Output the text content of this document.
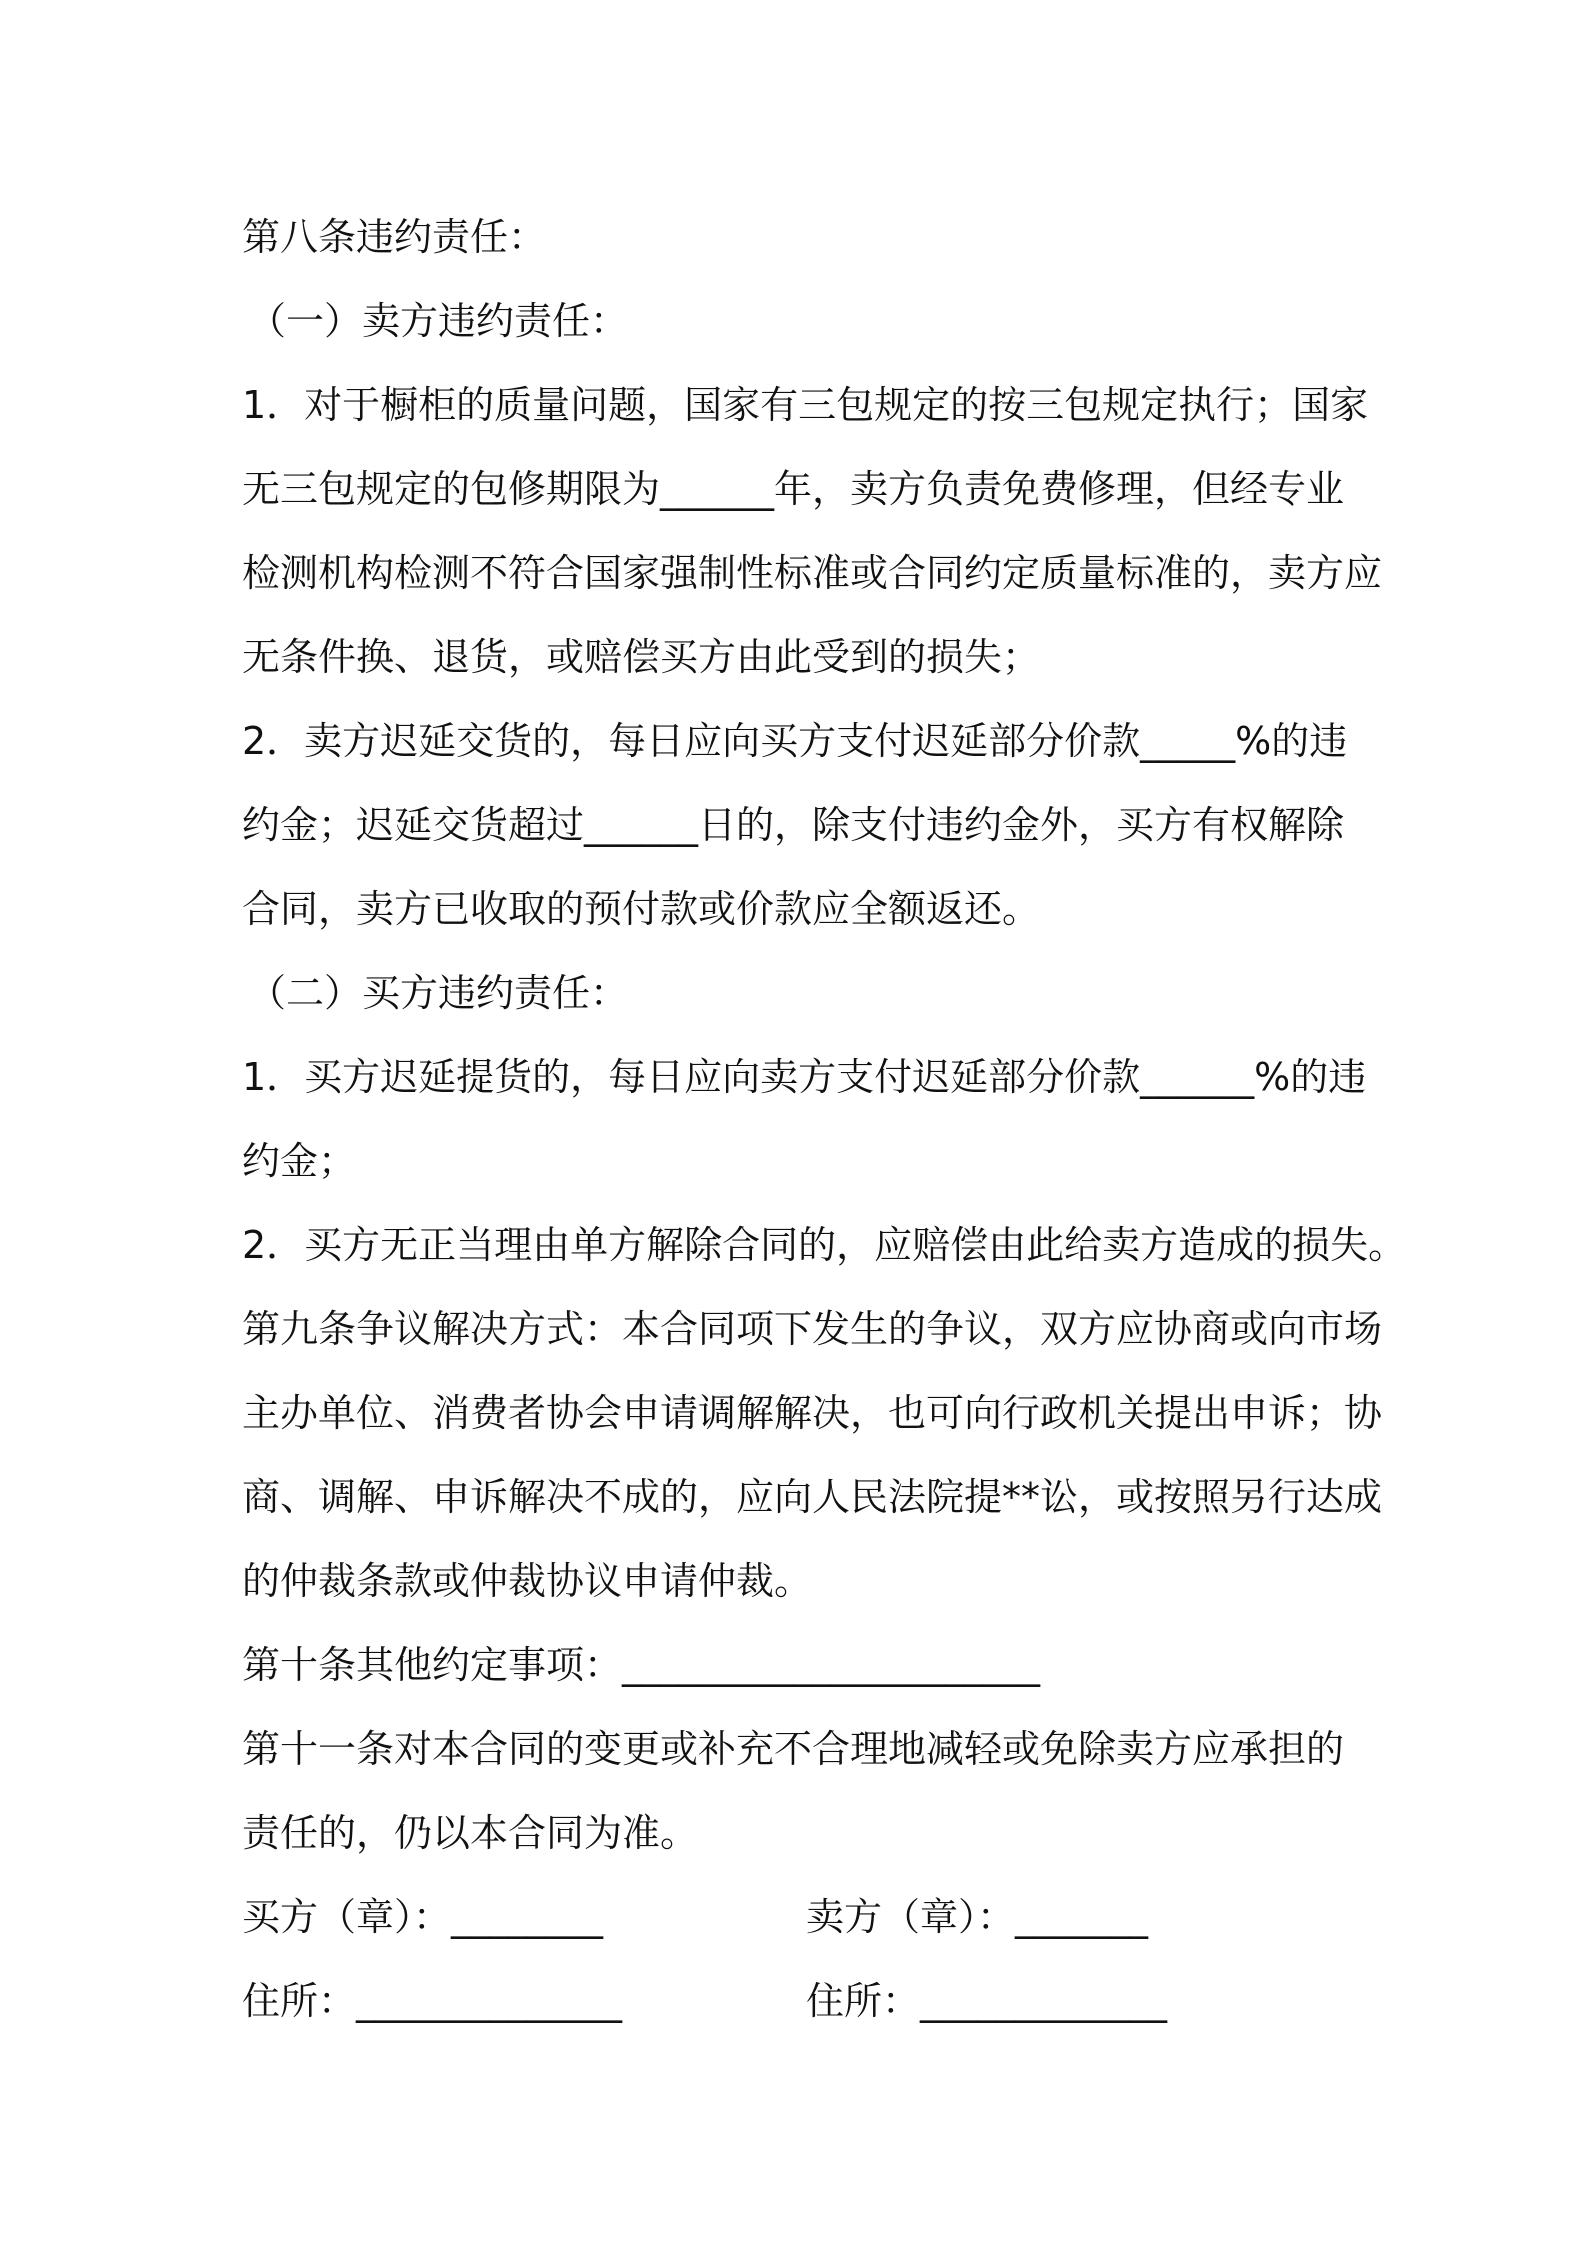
第八条违约责任：
（一）卖方违约责任：
1．对于橱柜的质量问题，国家有三包规定的按三包规定执行；国家
无三包规定的包修期限为______年，卖方负责免费修理，但经专业
检测机构检测不符合国家强制性标准或合同约定质量标准的，卖方应
无条件换、退货，或赔偿买方由此受到的损失；
2．卖方迟延交货的，每日应向买方支付迟延部分价款_____%的违
约金；迟延交货超过______日的，除支付违约金外，买方有权解除
合同，卖方已收取的预付款或价款应全额返还。
（二）买方违约责任：
1．买方迟延提货的，每日应向卖方支付迟延部分价款______%的违
约金；
2．买方无正当理由单方解除合同的，应赔偿由此给卖方造成的损失。
第九条争议解决方式：本合同项下发生的争议，双方应协商或向市场
主办单位、消费者协会申请调解解决，也可向行政机关提出申诉；协
商、调解、申诉解决不成的，应向人民法院提**讼，或按照另行达成
的仲裁条款或仲裁协议申请仲裁。
第十条其他约定事项：______________________
第十一条对本合同的变更或补充不合理地减轻或免除卖方应承担的
责任的，仍以本合同为准。
买方（章）：________	卖方（章）：_______
住所：______________	住所：_____________
